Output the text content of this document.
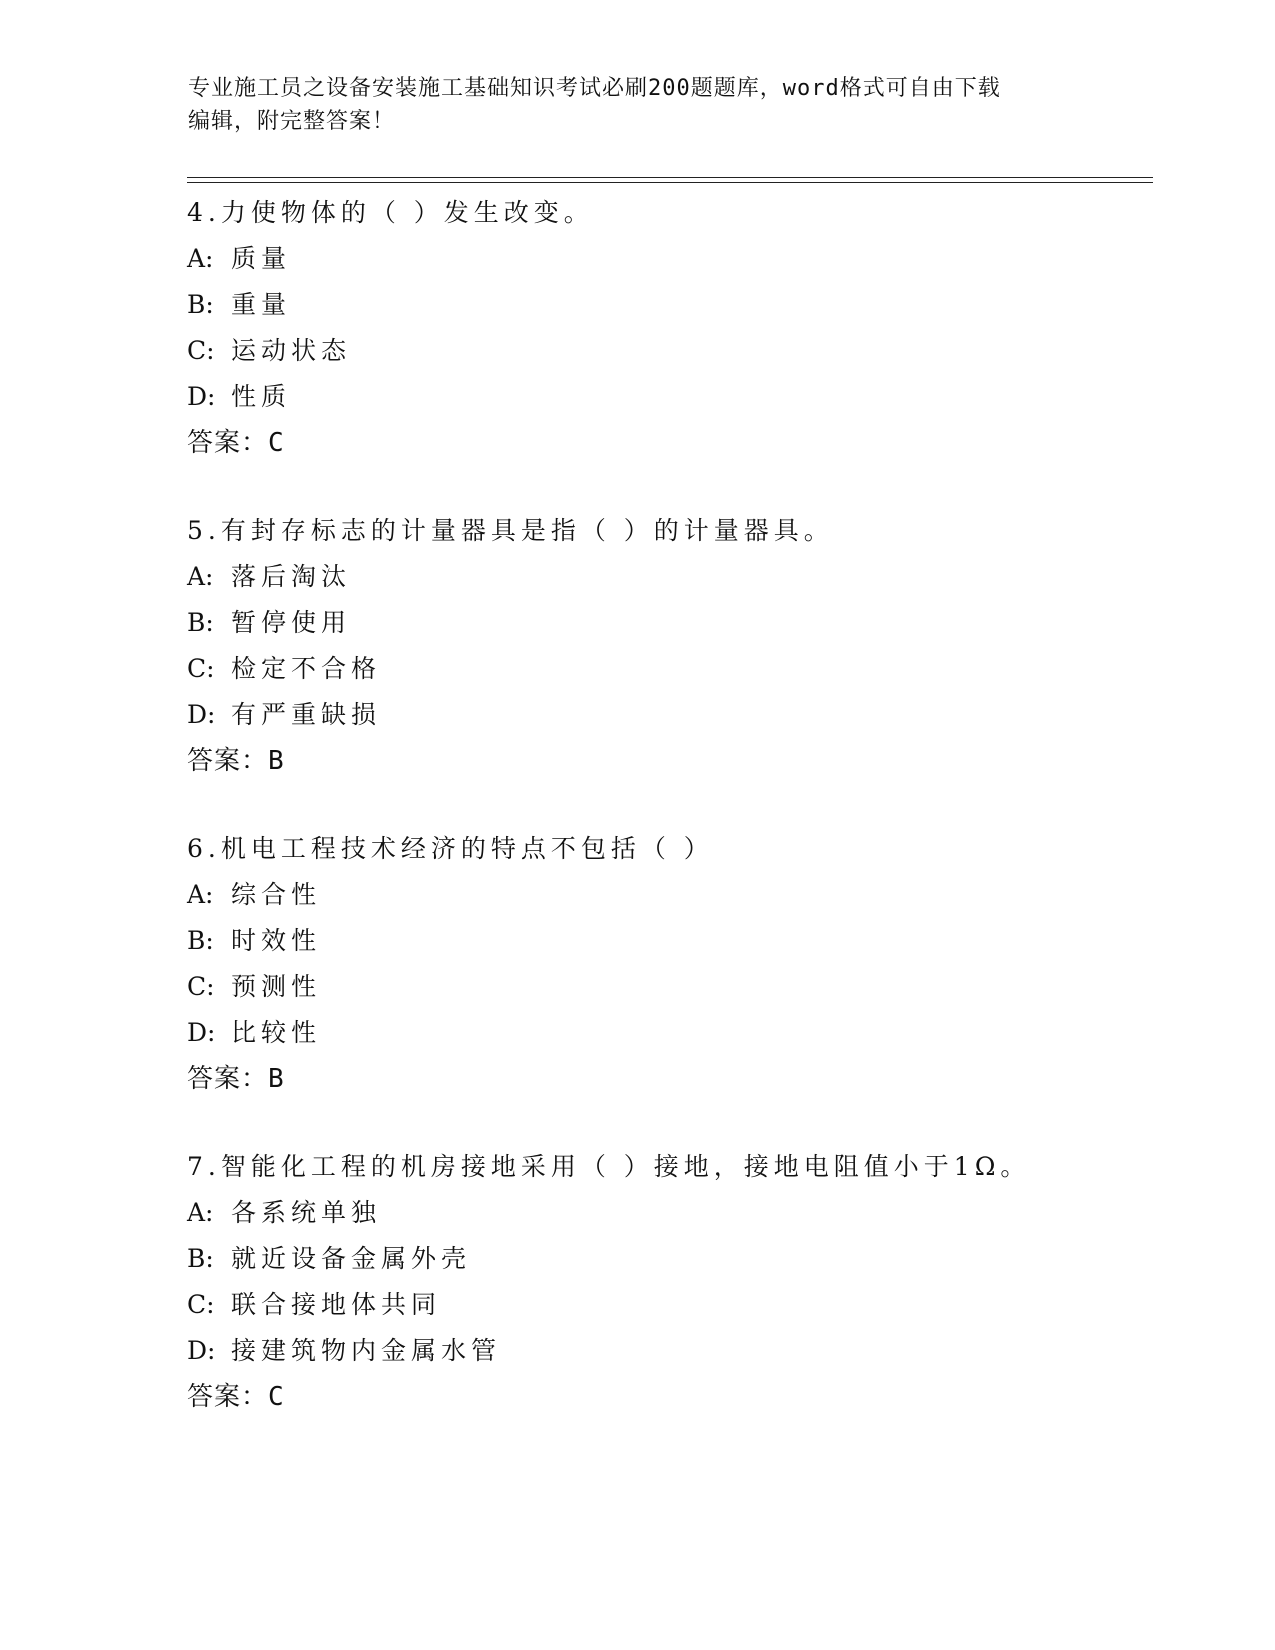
专业施工员之设备安装施工基础知识考试必刷200题题库，word格式可自由下载
编辑，附完整答案！
4.力使物体的（ ）发生改变。
A: 质量
B: 重量
C: 运动状态
D: 性质
答案：C
5.有封存标志的计量器具是指（ ）的计量器具。
A: 落后淘汰
B: 暂停使用
C: 检定不合格
D: 有严重缺损
答案：B
6.机电工程技术经济的特点不包括（ ）
A: 综合性
B: 时效性
C: 预测性
D: 比较性
答案：B
7.智能化工程的机房接地采用（ ）接地，接地电阻值小于1Ω。
A: 各系统单独
B: 就近设备金属外壳
C: 联合接地体共同
D: 接建筑物内金属水管
答案：C
